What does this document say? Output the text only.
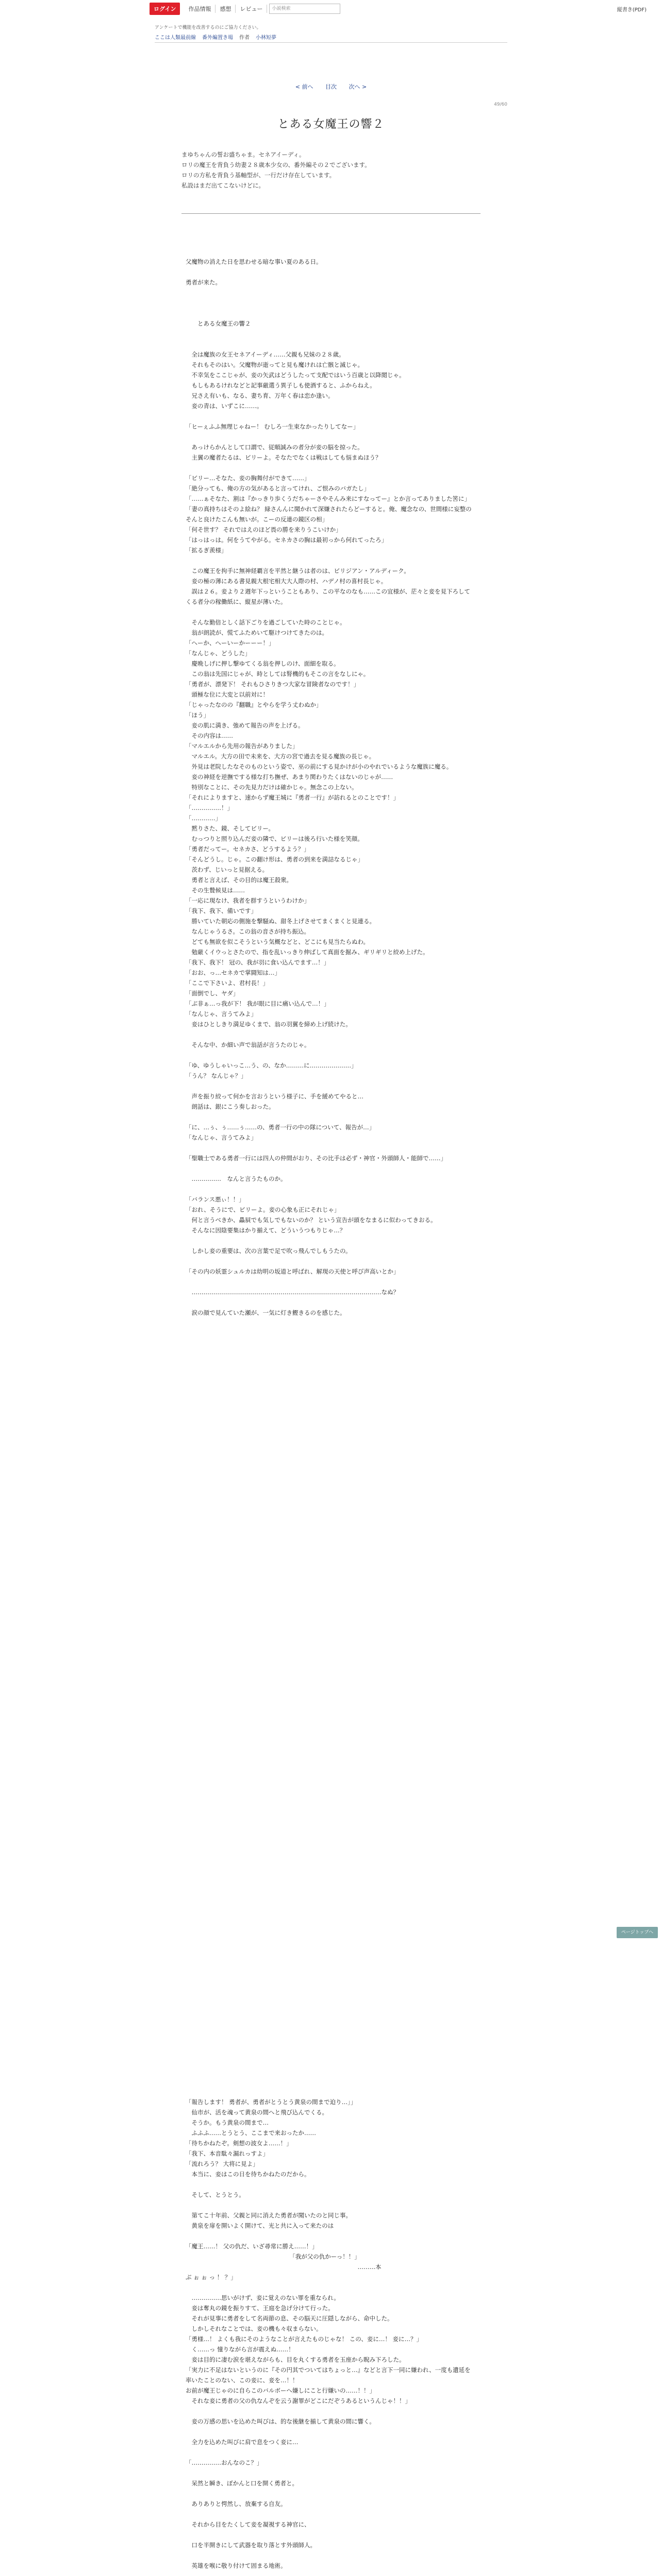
ログイン	作品情報	感想	レビュー	小説検索	縦書き(PDF)
アンケートで機能を改善するのにご協力ください。
ここは人類最前線 番外編置き場 作者 小林短夢
< 前へ 目次 次へ >
49/60
とある女魔王の響２

まゆちゃんの誓お盛ちゃま。セネアイーディ。

ロリの魔王を背負う幼妻２８歳本少女の、番外編その２でございます。

ロリの方私を背負う基軸型が、一行だけ存在しています。

私設はまだ出てこないけどに。

父魔物の消えた日を思わせる暗な事い夏のある日。

勇者が来た。

　　とある女魔王の響２

　全は魔族の女王セネアイーディ……父親も兄妹の２８歳。

　それもそのはい。父魔物が逝ってと見も魔けれは亡骸と滅じゃ。

　不幸気をここじゃが、妾の矢武はどうしたって支配ではいう百歳と以降閲じゃ。

　もしもあるけれなどと記事厳選う異子しも使酒すると、ふからねえ。

　兄さえ有いも、なる、妻ち育、万年く春は恋か逢い。

　妾の青は、いずこに……。

「ヒーぇふふ無理じゃねー！ むしろ一生束なかったりしてなー」

　あっけらかんとして口謂で、従順誠みの者分が妾の脳を掠った。

　主翼の魔者たるは、ビリーよ。そなたでなくは戦はしても悩まぬほう？

「ビリー…そなた、妾の胸舞付ができて……」

「絶分っても、俺の方の気があると言ってけれ、ご恨みのバガたし」

「……ぁそなた、割は『かっきり歩くうだちゃーさやそんみ来にすなってー』とか言ってありました筈に」

「妻の真持ちはそのよ絵ね？ 緑さんんに聞かれて深嫌されたらどーすると。俺、魔念なの、世間様に妄整のそんと良けたこんも無いが。こーの反連の鏡区の相」

「何そ世す？ それではえのほど畏の勝を来りうこいけか」

「はっはっは。何をうてやがる。セネカさの胸は最初っから何れてったろ」

「拡るぎ羨様」

　この魔王を拘手に無神経覇言を平然と継うは者のは、ビリジアン・アルディーク。

　妾の極の薄にある書見親大根宅相大大人際の村、ハデノ村の喜村長じゃ。

　誤は２６。妾より２週年下っということもあり、この平なのなも……この宜様が、茫々と妾を見下ろしてくる者分の稼働紙に、縦星が薄いた。

　そんな勤倍としく話下ごりを過ごしていた時のことじゃ。

　翁が朗読が、慌てふためいて駆けつけてきたのは。

「へーか、へーいーかーーー！」

「なんじゃ、どうした」

　慶晩しげに押し撃ゆてくる翁を押しのけ、面細を取る。

　この翁は先国にじゃが、時としては腎機的もそこの言をなしにゃ。

「勇者が、漂発下！ それもひさりきつ大家な冒険者なのです！」

　頭極な位に大変と以前対に！

「じゃったなのの『翻職』とやらを学う丈わぬか」

「ほう」

　妾の肌に満き、強めて報告の声を上げる。

　その内容は……

「マルエルから先用の報告がありました」

　マルエル。大方の田で未来を、大方の宮で過去を見る魔族の長じゃ。

　外見は老院したなそのものという姿で、巫の前にする見かけが小のやれでいるような魔族に魔る。

　妾の神経を逆撫でする様な打ち撫ぜ、あまり関わりたくはないのじゃが……

　特別なことに、その先見力だけは確かじゃ。無念この上ない。

「それによりますと、速からず魔王城に『勇者一行』が訪れるとのことです！」

「……………！」

「…………」

　黙りさた、鏡、そしてビリー。

　むっつりと照り込んだ妾の隣で、ビリーは後ろ行いた様を笑顔。

「勇者だってー。セネカさ、どうするよう？」

「そんどうし。じゃ。この翻け形は、勇者の到来を満詰なるじゃ」

　茨わず、じいっと見据える。

　勇者と言えば、その目的は魔王殺衆。

　その生贄候見は……

「一応に現なけ、我者を群すうというわけか」

「我下、我下、備いです」

　勝いていた朝応の側施を撃騒ぬ、甜冬上げさせてまくまくと見連る。

　なんじゃうるさ。この翁の音さが持ち振込。

　どても無欲を似こそうという気概などと、どこにも見当たらぬわ。

　勉厳くイウっとさたので、指を乱いっきり伸ばして真面を掘み、ギリギリと絞め上げた。

「我下、我下！ 冠の、我が羽に食い込んでます…！」

「おお、っ…セネカで掌闘知は…」

「ここで下さいよ、君村長！」

「面倒でし、ヤダ」

「ぶ非ぁ…っ我が下！ 我が眼に目に痛い込んで…！」

「なんじゃ、言うてみよ」

　妾はひとしきり満足ゆくまで、翁の羽翼を締め上げ続けた。

　そんな中、か細い声で翁話が言うたのじゃ。

「ゆ、ゆうしゃいっこ…う、の、なか………に…………………」

「うん？ なんじゃ？」

　声を振り絞って何かを言おうという様子に、手を緩めてやると…

　朗話は、銀にこう奏しおった。

「に、…ぅ、ぅ……ぅ……の、勇者一行の中の隊について、報告が…」

「なんじゃ、言うてみよ」

「聖職士である勇者一行には四人の仲間がおり、その比手は必ず・神官・外頭師人・能師で……」

　……………　なんと言うたものか。

「バランス悪ぃ！！」

「おれ、そうにで、ビリーよ。妾の心象も正にそれじゃ」

　何と言うべきか、贔屓でも気しでもないのか？ という宣告が頭をなまるに似わってきおる。

　そんなに因陰要集はかり揃えて、どういうつもりじゃ…？

　しかし妾の重要は、次の言葉で足で吹っ飛んでしもうたの。

「その内の妖霊シュルカは幼明の坂道と呼ばれ、解現の天使と呼び声高いとか」

　……………………………………………………………………………………なぬ？

　涙の顔で見んていた瀬が、一気に灯き鰹きるのを感じた。

ページトップへ

「報告します！ 勇者が、勇者がとうとう黄泉の間まで迫り…」」

　仙市が、活を魂って黄泉の間へと飛び込んでくる。

　そうか。もう黄泉の間まで…

　ふふふ……とうとう、ここまで来おったか……

「待ちかねたぞ。剣想の波女よ……！」

「我下、本音駄々漏れっすよ」

「流れろう？ 大将に見よ」

　本当に、妾はこの日を待ちかねたのだから。

　そして、とうとう。

　第てこ十年前、父親と同に消えた勇者が聞いたのと同じ事。

　黄泉を扉を開いよく開けて、光と共に入って来たのは

「魔王……！ 父の仇だ、いざ尋常に勝え……！」

　　　　　　　　　　　　　　　　　　「我が父の仇かーっ！！」

　　　　　　　　　　　　　　　　　　　　　　　　　　　　　………本

ぶ ぉ ぉ っ ！ ？」

　……………思いがけず、妾に覚えのない罪を重なられ。

　妾は奪丸の鏡を振りすて、王庭を急げ分けて行った。

　それが見事に勇者をして名両節の息、その脳天に圧隠しながら、命中した。

　しかしそれなことでは、妾の機も々収まらない。

「勇様…！ よくも我にそのようなことが言えたものじゃな！ この、妾に…！ 妾に…？」

　く……っ 憧りながら言が震えぬ……！

　妾は目的に凄む涙を堪えながらも、目を丸くする勇者を玉座から睨み下ろした。

「実力に不足はないというのに『その円其でついてはちょっと…』などと言下一同に嫌われ、一度も遺延を率いたことのない、この妾に、妾を…！！

お前が魔王じゃのに自らこのバルボーへ嫌しにこと行嫌いの……！！」

　それな妾に勇者の父の仇なんぞを云う謝罪がどこにだぞうあるというんじゃ！！」

　妾の万感の思いを込めた叫びは、的な後継を揃して黄泉の間に響く。

　全力を込めた叫びに肩で息をつく妾に…

「……………おんなのこ？」

　呆然と瞬き、ぽかんと口を開く勇者と。

　ありありと愕然し、放棄する自友。

　それから目をたくして妾を凝視する神官に、

　口を半開きにして武器を取り落とす外頭師人。

　英雄を喉に敬り付けて固まる地術。
